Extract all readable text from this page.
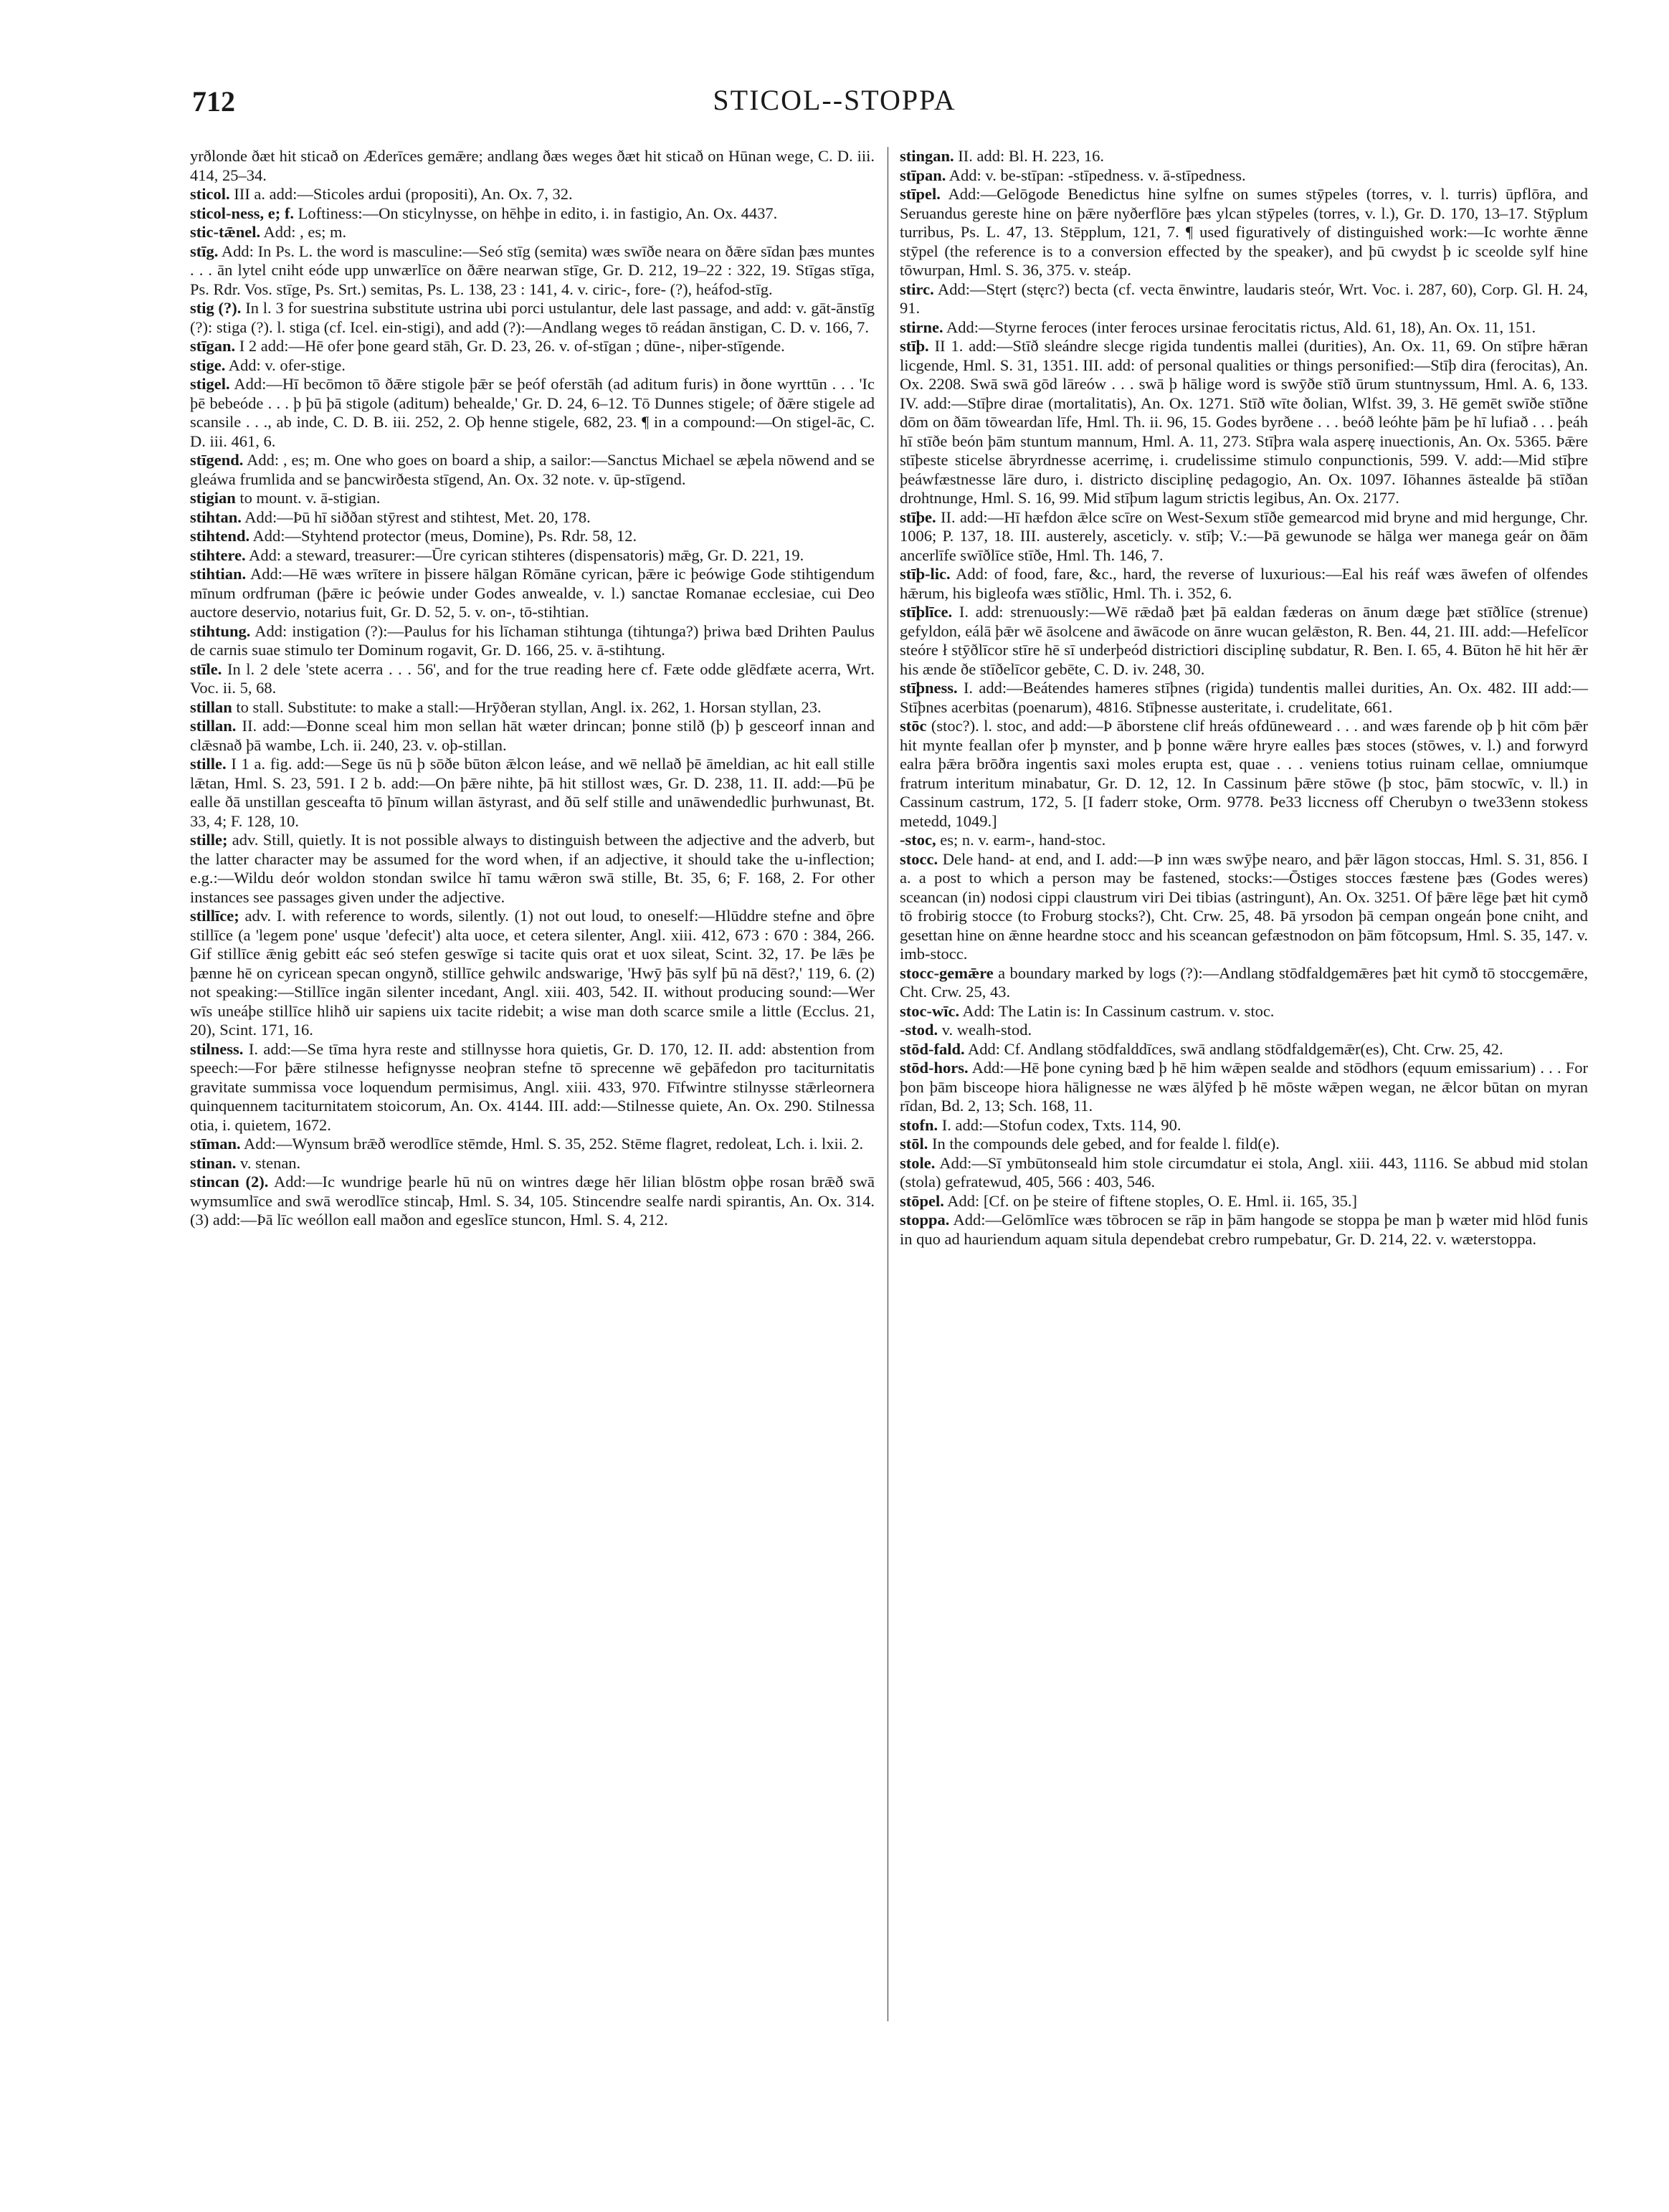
712	STICOL--STOPPA

yrðlonde ðæt hit sticað on Æderīces gemǣre; andlang ðæs weges ðæt hit sticað on Hūnan wege, C. D. iii. 414, 25–34.

sticol. III a. add:—Sticoles ardui (propositi), An. Ox. 7, 32.

sticol-ness, e; f. Loftiness:—On sticylnysse, on hēhþe in edito, i. in fastigio, An. Ox. 4437.

stic-tǣnel. Add: , es; m.

stīg. Add: In Ps. L. the word is masculine:—Seó stīg (semita) wæs swīðe neara on ðǣre sīdan þæs muntes . . . ān lytel cniht eóde upp unwærlīce on ðǣre nearwan stīge, Gr. D. 212, 19–22 : 322, 19. Stīgas stīga, Ps. Rdr. Vos. stīge, Ps. Srt.) semitas, Ps. L. 138, 23 : 141, 4. v. ciric-, fore- (?), heáfod-stīg.

stig (?). In l. 3 for suestrina substitute ustrina ubi porci ustulantur, dele last passage, and add: v. gāt-ānstīg (?): stiga (?). l. stiga (cf. Icel. ein-stigi), and add (?):—Andlang weges tō reádan ānstigan, C. D. v. 166, 7.

stīgan. I 2 add:—Hē ofer þone geard stāh, Gr. D. 23, 26. v. of-stīgan ; dūne-, niþer-stīgende.

stige. Add: v. ofer-stige.

stigel. Add:—Hī becōmon tō ðǣre stigole þǣr se þeóf oferstāh (ad aditum furis) in ðone wyrttūn . . . 'Ic þē bebeóde . . . þ þū þā stigole (aditum) behealde,' Gr. D. 24, 6–12. Tō Dunnes stigele; of ðǣre stigele ad scansile . . ., ab inde, C. D. B. iii. 252, 2. Oþ henne stigele, 682, 23. ¶ in a compound:—On stigel-āc, C. D. iii. 461, 6.

stīgend. Add: , es; m. One who goes on board a ship, a sailor:—Sanctus Michael se æþela nōwend and se gleáwa frumlida and se þancwirðesta stīgend, An. Ox. 32 note. v. ūp-stīgend.

stigian to mount. v. ā-stigian.

stihtan. Add:—Þū hī siððan stȳrest and stihtest, Met. 20, 178.

stihtend. Add:—Styhtend protector (meus, Domine), Ps. Rdr. 58, 12.

stihtere. Add: a steward, treasurer:—Ūre cyrican stihteres (dispensatoris) mǣg, Gr. D. 221, 19.

stihtian. Add:—Hē wæs wrītere in þissere hālgan Rōmāne cyrican, þǣre ic þeówige Gode stihtigendum mīnum ordfruman (þǣre ic þeówie under Godes anwealde, v. l.) sanctae Romanae ecclesiae, cui Deo auctore deservio, notarius fuit, Gr. D. 52, 5. v. on-, tō-stihtian.

stihtung. Add: instigation (?):—Paulus for his līchaman stihtunga (tihtunga?) þriwa bæd Drihten Paulus de carnis suae stimulo ter Dominum rogavit, Gr. D. 166, 25. v. ā-stihtung.

stīle. In l. 2 dele 'stete acerra . . . 56', and for the true reading here cf. Fæte odde glēdfæte acerra, Wrt. Voc. ii. 5, 68.

stillan to stall. Substitute: to make a stall:—Hrȳðeran styllan, Angl. ix. 262, 1. Horsan styllan, 23.

stillan. II. add:—Ðonne sceal him mon sellan hāt wæter drincan; þonne stilð (þ) þ gesceorf innan and clǣsnað þā wambe, Lch. ii. 240, 23. v. oþ-stillan.

stille. I 1 a. fig. add:—Sege ūs nū þ sōðe būton ǣlcon leáse, and wē nellað þē āmeldian, ac hit eall stille lǣtan, Hml. S. 23, 591. I 2 b. add:—On þǣre nihte, þā hit stillost wæs, Gr. D. 238, 11. II. add:—Þū þe ealle ðā unstillan gesceafta tō þīnum willan āstyrast, and ðū self stille and unāwendedlic þurhwunast, Bt. 33, 4; F. 128, 10.

stille; adv. Still, quietly. It is not possible always to distinguish between the adjective and the adverb, but the latter character may be assumed for the word when, if an adjective, it should take the u-inflection; e.g.:—Wildu deór woldon stondan swilce hī tamu wǣron swā stille, Bt. 35, 6; F. 168, 2. For other instances see passages given under the adjective.

stillīce; adv. I. with reference to words, silently. (1) not out loud, to oneself:—Hlūddre stefne and ōþre stillīce (a 'legem pone' usque 'defecit') alta uoce, et cetera silenter, Angl. xiii. 412, 673 : 670 : 384, 266. Gif stillīce ǣnig gebitt eác seó stefen geswīge si tacite quis orat et uox sileat, Scint. 32, 17. Þe lǣs þe þænne hē on cyricean specan ongynð, stillīce gehwilc andswarige, 'Hwȳ þās sylf þū nā dēst?,' 119, 6. (2) not speaking:—Stillīce ingān silenter incedant, Angl. xiii. 403, 542. II. without producing sound:—Wer wīs uneáþe stillīce hlihð uir sapiens uix tacite ridebit; a wise man doth scarce smile a little (Ecclus. 21, 20), Scint. 171, 16.

stilness. I. add:—Se tīma hyra reste and stillnysse hora quietis, Gr. D. 170, 12. II. add: abstention from speech:—For þǣre stilnesse hefignysse neoþran stefne tō sprecenne wē geþāfedon pro taciturnitatis gravitate summissa voce loquendum permisimus, Angl. xiii. 433, 970. Fīfwintre stilnysse stǣrleornera quinquennem taciturnitatem stoicorum, An. Ox. 4144. III. add:—Stilnesse quiete, An. Ox. 290. Stilnessa otia, i. quietem, 1672.

stīman. Add:—Wynsum brǣð werodlīce stēmde, Hml. S. 35, 252. Stēme flagret, redoleat, Lch. i. lxii. 2.

stinan. v. stenan.

stincan (2). Add:—Ic wundrige þearle hū nū on wintres dæge hēr lilian blōstm oþþe rosan brǣð swā wymsumlīce and swā werodlīce stincaþ, Hml. S. 34, 105. Stincendre sealfe nardi spirantis, An. Ox. 314. (3) add:—Þā līc weóllon eall maðon and egeslīce stuncon, Hml. S. 4, 212.

stingan. II. add: Bl. H. 223, 16.

stīpan. Add: v. be-stīpan: -stīpedness. v. ā-stīpedness.

stīpel. Add:—Gelōgode Benedictus hine sylfne on sumes stȳpeles (torres, v. l. turris) ūpflōra, and Seruandus gereste hine on þǣre nyðerflōre þæs ylcan stȳpeles (torres, v. l.), Gr. D. 170, 13–17. Stȳplum turribus, Ps. L. 47, 13. Stēpplum, 121, 7. ¶ used figuratively of distinguished work:—Ic worhte ǣnne stȳpel (the reference is to a conversion effected by the speaker), and þū cwydst þ ic sceolde sylf hine tōwurpan, Hml. S. 36, 375. v. steáp.

stirc. Add:—Stęrt (stęrc?) becta (cf. vecta ēnwintre, laudaris steór, Wrt. Voc. i. 287, 60), Corp. Gl. H. 24, 91.

stirne. Add:—Styrne feroces (inter feroces ursinae ferocitatis rictus, Ald. 61, 18), An. Ox. 11, 151.

stīþ. II 1. add:—Stīð sleándre slecge rigida tundentis mallei (durities), An. Ox. 11, 69. On stīþre hǣran licgende, Hml. S. 31, 1351. III. add: of personal qualities or things personified:—Stīþ dira (ferocitas), An. Ox. 2208. Swā swā gōd lāreów . . . swā þ hālige word is swȳðe stīð ūrum stuntnyssum, Hml. A. 6, 133. IV. add:—Stīþre dirae (mortalitatis), An. Ox. 1271. Stīð wīte ðolian, Wlfst. 39, 3. Hē gemēt swīðe stīðne dōm on ðām tōweardan līfe, Hml. Th. ii. 96, 15. Godes byrðene . . . beóð leóhte þām þe hī lufiað . . . þeáh hī stīðe beón þām stuntum mannum, Hml. A. 11, 273. Stīþra wala asperę inuectionis, An. Ox. 5365. Þǣre stīþeste sticelse ābryrdnesse acerrimę, i. crudelissime stimulo conpunctionis, 599. V. add:—Mid stīþre þeáwfæstnesse lāre duro, i. districto disciplinę pedagogio, An. Ox. 1097. Iōhannes āstealde þā stīðan drohtnunge, Hml. S. 16, 99. Mid stīþum lagum strictis legibus, An. Ox. 2177.

stīþe. II. add:—Hī hæfdon ǣlce scīre on West-Sexum stīðe gemearcod mid bryne and mid hergunge, Chr. 1006; P. 137, 18. III. austerely, asceticly. v. stīþ; V.:—Þā gewunode se hālga wer manega geár on ðām ancerlīfe swīðlīce stīðe, Hml. Th. 146, 7.

stīþ-lic. Add: of food, fare, &c., hard, the reverse of luxurious:—Eal his reáf wæs āwefen of olfendes hǣrum, his bigleofa wæs stīðlic, Hml. Th. i. 352, 6.

stīþlīce. I. add: strenuously:—Wē rǣdað þæt þā ealdan fæderas on ānum dæge þæt stīðlīce (strenue) gefyldon, eálā þǣr wē āsolcene and āwācode on ānre wucan gelǣston, R. Ben. 44, 21. III. add:—Hefelīcor steóre ł stȳðlīcor stīre hē sī underþeód districtiori disciplinę subdatur, R. Ben. I. 65, 4. Būton hē hit hēr ǣr his ænde ðe stīðelīcor gebēte, C. D. iv. 248, 30.

stīþness. I. add:—Beátendes hameres stīþnes (rigida) tundentis mallei durities, An. Ox. 482. III add:—Stīþnes acerbitas (poenarum), 4816. Stīþnesse austeritate, i. crudelitate, 661.

stōc (stoc?). l. stoc, and add:—Þ āborstene clif hreás ofdūneweard . . . and wæs farende oþ þ hit cōm þǣr hit mynte feallan ofer þ mynster, and þ þonne wǣre hryre ealles þæs stoces (stōwes, v. l.) and forwyrd ealra þǣra brōðra ingentis saxi moles erupta est, quae . . . veniens totius ruinam cellae, omniumque fratrum interitum minabatur, Gr. D. 12, 12. In Cassinum þǣre stōwe (þ stoc, þām stocwīc, v. ll.) in Cassinum castrum, 172, 5. [I faderr stoke, Orm. 9778. Þe33 liccness off Cherubyn o twe33enn stokess metedd, 1049.]

-stoc, es; n. v. earm-, hand-stoc.

stocc. Dele hand- at end, and I. add:—Þ inn wæs swȳþe nearo, and þǣr lāgon stoccas, Hml. S. 31, 856. I a. a post to which a person may be fastened, stocks:—Ōstiges stocces fæstene þæs (Godes weres) sceancan (in) nodosi cippi claustrum viri Dei tibias (astringunt), An. Ox. 3251. Of þǣre lēge þæt hit cymð tō frobirig stocce (to Froburg stocks?), Cht. Crw. 25, 48. Þā yrsodon þā cempan ongeán þone cniht, and gesettan hine on ǣnne heardne stocc and his sceancan gefæstnodon on þām fōtcopsum, Hml. S. 35, 147. v. imb-stocc.

stocc-gemǣre a boundary marked by logs (?):—Andlang stōdfaldgemǣres þæt hit cymð tō stoccgemǣre, Cht. Crw. 25, 43.

stoc-wīc. Add: The Latin is: In Cassinum castrum. v. stoc.

-stod. v. wealh-stod.

stōd-fald. Add: Cf. Andlang stōdfalddīces, swā andlang stōdfaldgemǣr(es), Cht. Crw. 25, 42.

stōd-hors. Add:—Hē þone cyning bæd þ hē him wǣpen sealde and stōdhors (equum emissarium) . . . For þon þām bisceope hiora hālignesse ne wæs ālȳfed þ hē mōste wǣpen wegan, ne ǣlcor būtan on myran rīdan, Bd. 2, 13; Sch. 168, 11.

stofn. I. add:—Stofun codex, Txts. 114, 90.

stōl. In the compounds dele gebed, and for fealde l. fild(e).

stole. Add:—Sī ymbūtonseald him stole circumdatur ei stola, Angl. xiii. 443, 1116. Se abbud mid stolan (stola) gefratewud, 405, 566 : 403, 546.

stōpel. Add: [Cf. on þe steire of fiftene stoples, O. E. Hml. ii. 165, 35.]

stoppa. Add:—Gelōmlīce wæs tōbrocen se rāp in þām hangode se stoppa þe man þ wæter mid hlōd funis in quo ad hauriendum aquam situla dependebat crebro rumpebatur, Gr. D. 214, 22. v. wæterstoppa.
